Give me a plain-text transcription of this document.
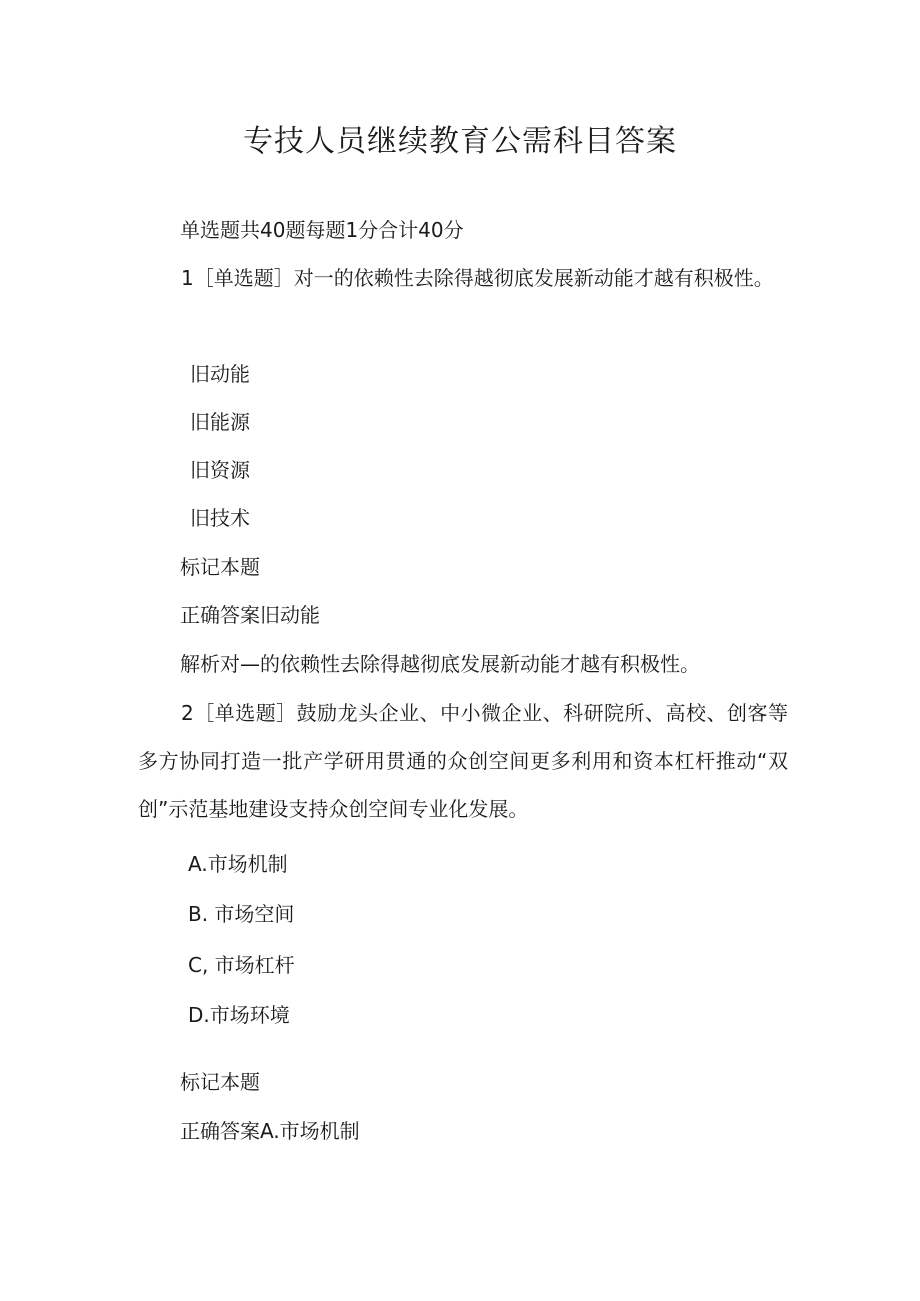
专技人员继续教育公需科目答案
单选题共40题每题1分合计40分
1［单选题］对一的依赖性去除得越彻底发展新动能才越有积极性。
旧动能
旧能源
旧资源
旧技术
标记本题
正确答案旧动能
解析对—的依赖性去除得越彻底发展新动能才越有积极性。
2［单选题］鼓励龙头企业、中小微企业、科研院所、高校、创客等多方协同打造一批产学研用贯通的众创空间更多利用和资本杠杆推动“双创”示范基地建设支持众创空间专业化发展。
A.市场机制
B. 市场空间
C, 市场杠杆
D.市场环境
标记本题
正确答案A.市场机制
